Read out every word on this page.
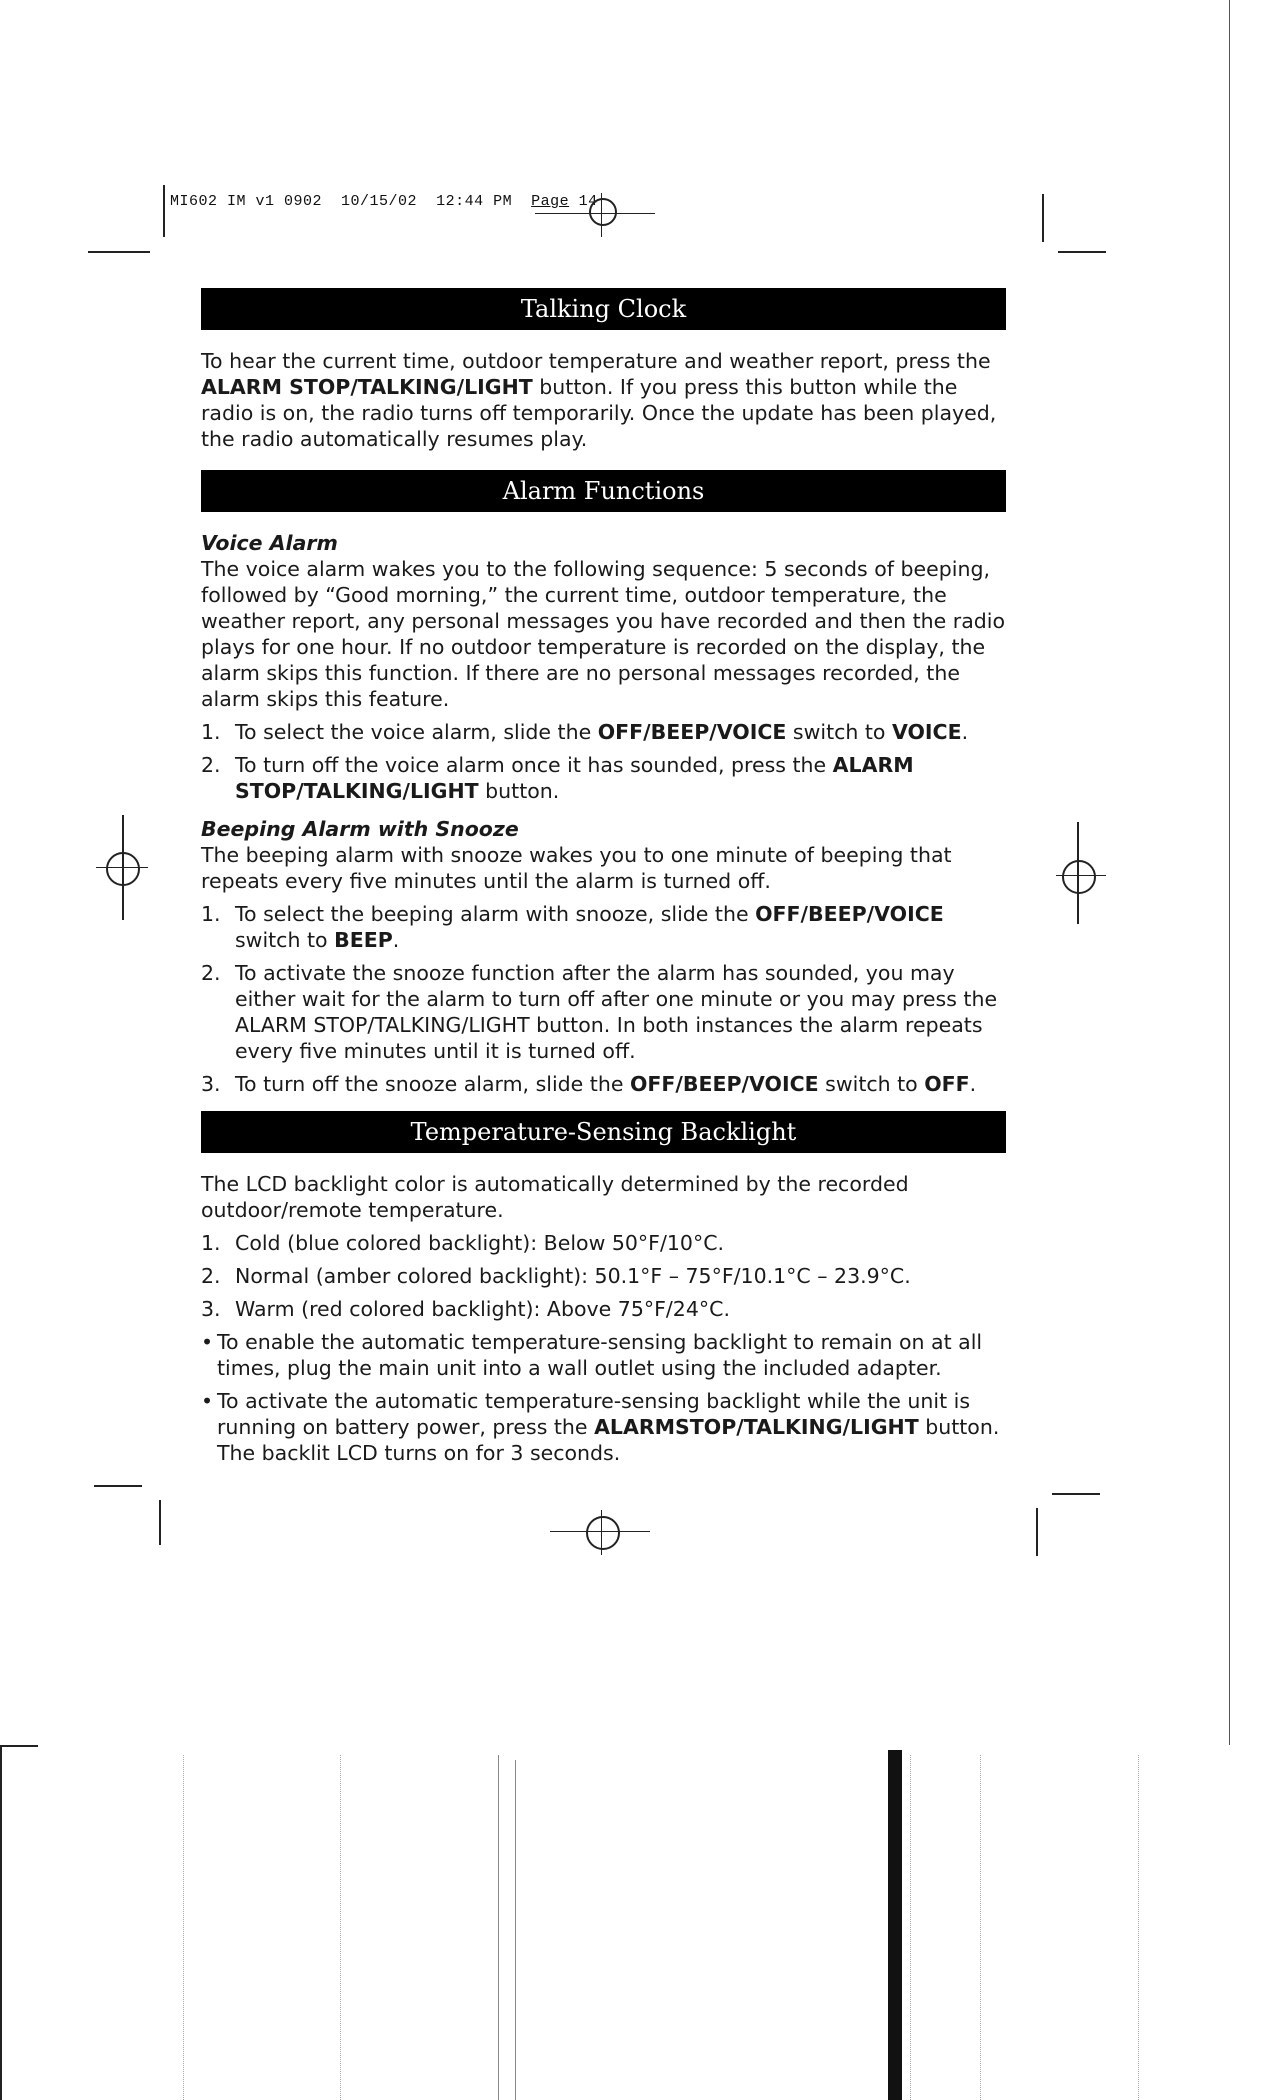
MI602 IM v1 0902 10/15/02 12:44 PM Page 14
Talking Clock

To hear the current time, outdoor temperature and weather report, press the ALARM STOP/TALKING/LIGHT button. If you press this button while the radio is on, the radio turns off temporarily. Once the update has been played, the radio automatically resumes play.

Alarm Functions

Voice Alarm

The voice alarm wakes you to the following sequence: 5 seconds of beeping, followed by “Good morning,” the current time, outdoor temperature, the weather report, any personal messages you have recorded and then the radio plays for one hour. If no outdoor temperature is recorded on the display, the alarm skips this function. If there are no personal messages recorded, the alarm skips this feature.

1. To select the voice alarm, slide the OFF/BEEP/VOICE switch to VOICE.
2. To turn off the voice alarm once it has sounded, press the ALARM STOP/TALKING/LIGHT button.

Beeping Alarm with Snooze

The beeping alarm with snooze wakes you to one minute of beeping that repeats every five minutes until the alarm is turned off.

1. To select the beeping alarm with snooze, slide the OFF/BEEP/VOICE switch to BEEP.
2. To activate the snooze function after the alarm has sounded, you may either wait for the alarm to turn off after one minute or you may press the ALARM STOP/TALKING/LIGHT button. In both instances the alarm repeats every five minutes until it is turned off.
3. To turn off the snooze alarm, slide the OFF/BEEP/VOICE switch to OFF.
Temperature-Sensing Backlight

The LCD backlight color is automatically determined by the recorded outdoor/remote temperature.

1. Cold (blue colored backlight): Below 50°F/10°C.
2. Normal (amber colored backlight): 50.1°F – 75°F/10.1°C – 23.9°C.
3. Warm (red colored backlight): Above 75°F/24°C.
• To enable the automatic temperature-sensing backlight to remain on at all times, plug the main unit into a wall outlet using the included adapter.
• To activate the automatic temperature-sensing backlight while the unit is running on battery power, press the ALARMSTOP/TALKING/LIGHT button. The backlit LCD turns on for 3 seconds.
